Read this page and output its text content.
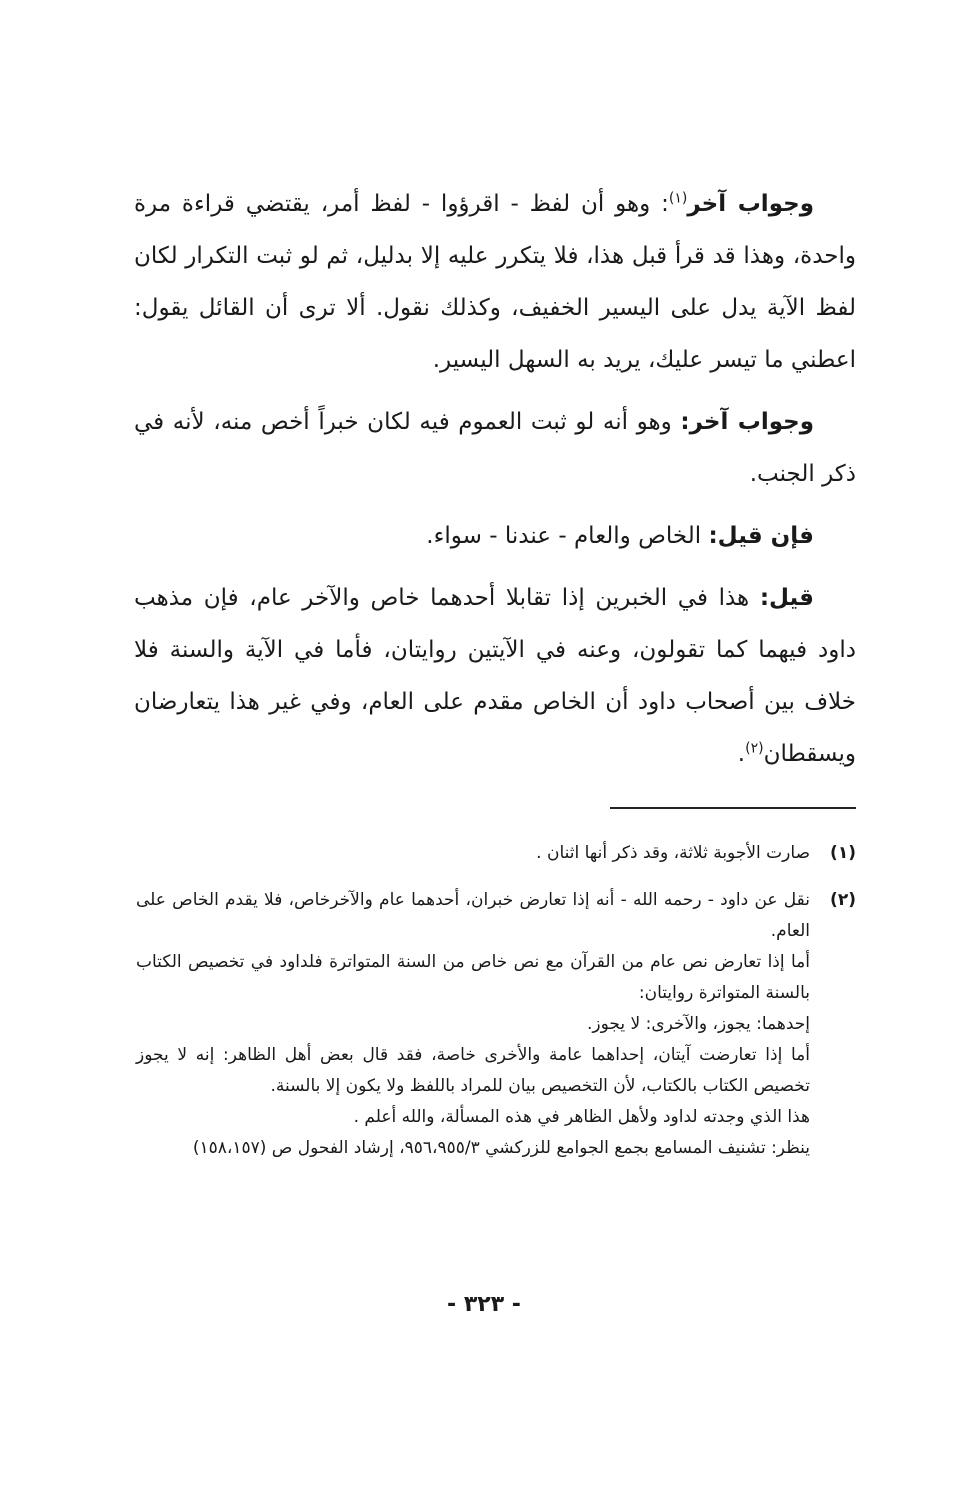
وجواب آخر$^{(١)}$: وهو أن لفظ - اقرؤوا - لفظ أمر، يقتضي قراءة مرة واحدة، وهذا قد قرأ قبل هذا، فلا يتكرر عليه إلا بدليل، ثم لو ثبت التكرار لكان لفظ الآية يدل على اليسير الخفيف، وكذلك نقول. ألا ترى أن القائل يقول: اعطني ما تيسر عليك، يريد به السهل اليسير.

وجواب آخر: وهو أنه لو ثبت العموم فيه لكان خبراً أخص منه، لأنه في ذكر الجنب.

فإن قيل: الخاص والعام - عندنا - سواء.

قيل: هذا في الخبرين إذا تقابلا أحدهما خاص والآخر عام، فإن مذهب داود فيهما كما تقولون، وعنه في الآيتين روايتان، فأما في الآية والسنة فلا خلاف بين أصحاب داود أن الخاص مقدم على العام، وفي غير هذا يتعارضان ويسقطان$^{(٢)}$.

(١)
صارت الأجوبة ثلاثة، وقد ذكر أنها اثنان .
(٢)
نقل عن داود - رحمه الله - أنه إذا تعارض خبران، أحدهما عام والآخرخاص، فلا يقدم الخاص على العام.
أما إذا تعارض نص عام من القرآن مع نص خاص من السنة المتواترة فلداود في تخصيص الكتاب بالسنة المتواترة روايتان:
إحدهما: يجوز، والآخرى: لا يجوز.
أما إذا تعارضت آيتان، إحداهما عامة والأخرى خاصة، فقد قال بعض أهل الظاهر: إنه لا يجوز تخصيص الكتاب بالكتاب، لأن التخصيص بيان للمراد باللفظ ولا يكون إلا بالسنة.
هذا الذي وجدته لداود ولأهل الظاهر في هذه المسألة، والله أعلم .
ينظر: تشنيف المسامع بجمع الجوامع للزركشي ٩٥٦،٩٥٥/٣، إرشاد الفحول ص (١٥٨،١٥٧)
- ٣٢٣ -
